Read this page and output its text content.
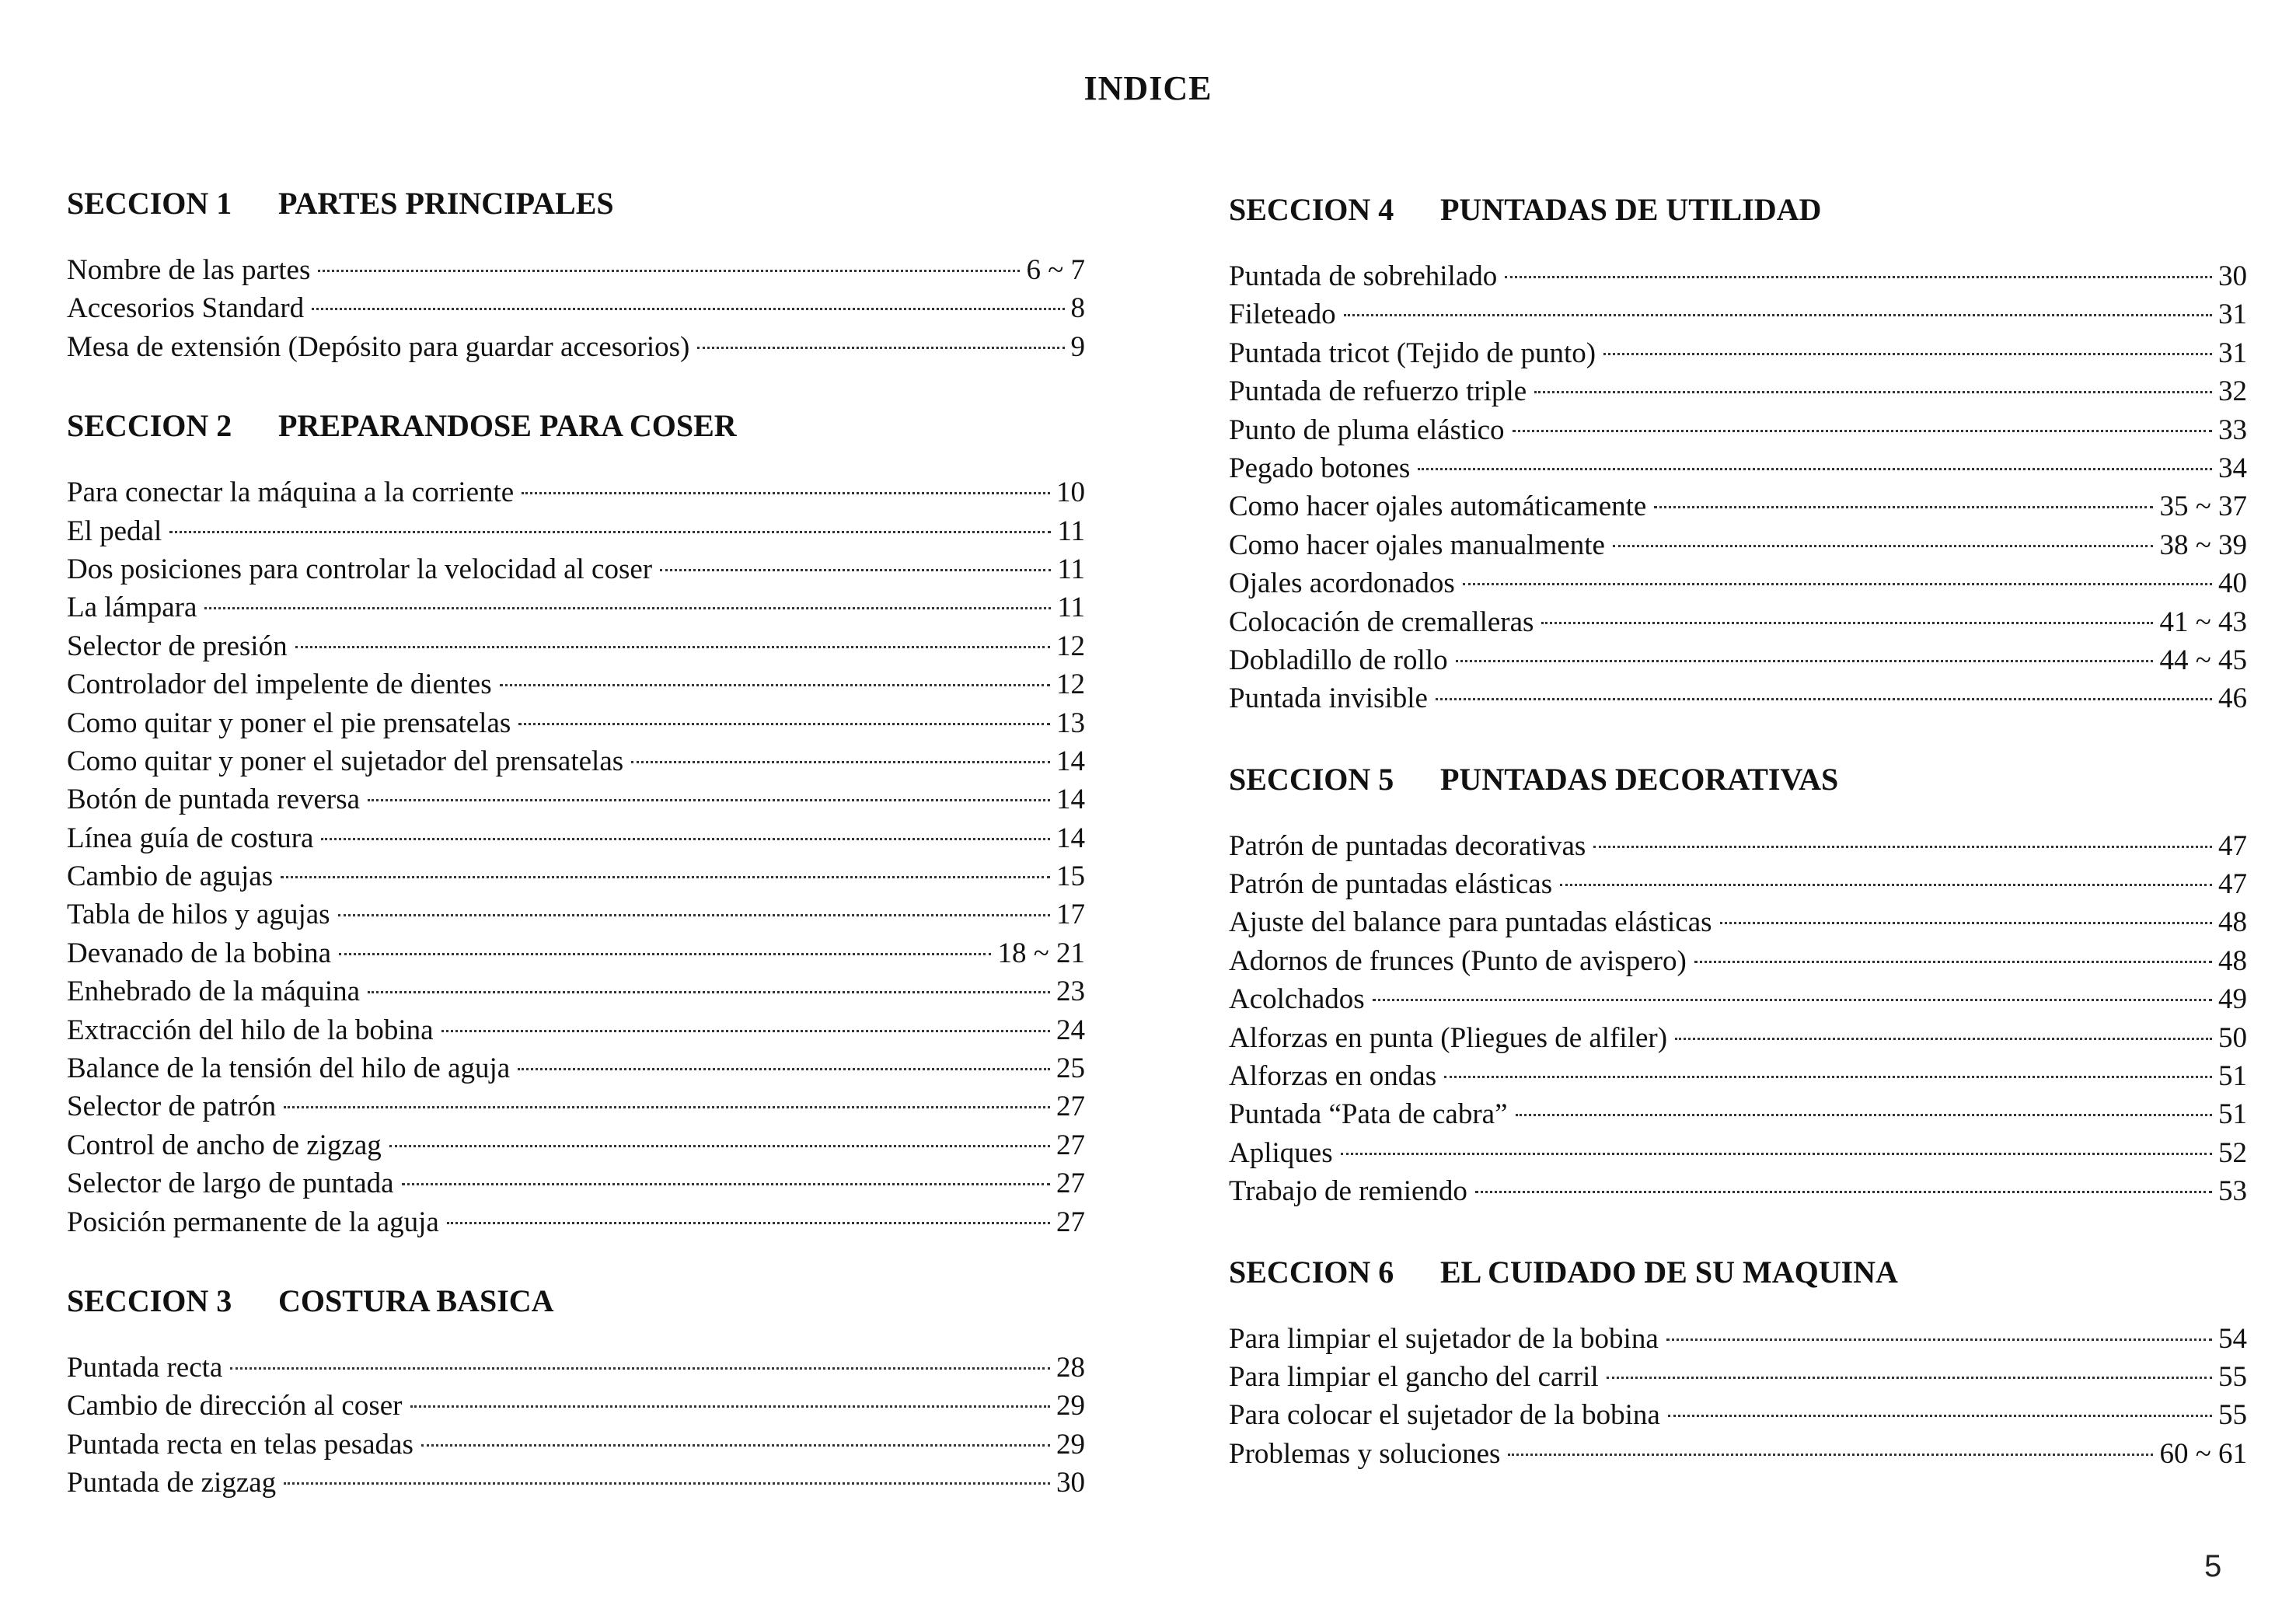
INDICE
SECCION 1 PARTES PRINCIPALES
Nombre de las partes	6 ~ 7
Accesorios Standard	8
Mesa de extensión (Depósito para guardar accesorios)	9
SECCION 2 PREPARANDOSE PARA COSER
Para conectar la máquina a la corriente	10
El pedal	11
Dos posiciones para controlar la velocidad al coser	11
La lámpara	11
Selector de presión	12
Controlador del impelente de dientes	12
Como quitar y poner el pie prensatelas	13
Como quitar y poner el sujetador del prensatelas	14
Botón de puntada reversa	14
Línea guía de costura	14
Cambio de agujas	15
Tabla de hilos y agujas	17
Devanado de la bobina	18 ~ 21
Enhebrado de la máquina	23
Extracción del hilo de la bobina	24
Balance de la tensión del hilo de aguja	25
Selector de patrón	27
Control de ancho de zigzag	27
Selector de largo de puntada	27
Posición permanente de la aguja	27
SECCION 3 COSTURA BASICA
Puntada recta	28
Cambio de dirección al coser	29
Puntada recta en telas pesadas	29
Puntada de zigzag	30
SECCION 4 PUNTADAS DE UTILIDAD
Puntada de sobrehilado	30
Fileteado	31
Puntada tricot (Tejido de punto)	31
Puntada de refuerzo triple	32
Punto de pluma elástico	33
Pegado botones	34
Como hacer ojales automáticamente	35 ~ 37
Como hacer ojales manualmente	38 ~ 39
Ojales acordonados	40
Colocación de cremalleras	41 ~ 43
Dobladillo de rollo	44 ~ 45
Puntada invisible	46
SECCION 5 PUNTADAS DECORATIVAS
Patrón de puntadas decorativas	47
Patrón de puntadas elásticas	47
Ajuste del balance para puntadas elásticas	48
Adornos de frunces (Punto de avispero)	48
Acolchados	49
Alforzas en punta (Pliegues de alfiler)	50
Alforzas en ondas	51
Puntada “Pata de cabra”	51
Apliques	52
Trabajo de remiendo	53
SECCION 6 EL CUIDADO DE SU MAQUINA
Para limpiar el sujetador de la bobina	54
Para limpiar el gancho del carril	55
Para colocar el sujetador de la bobina	55
Problemas y soluciones	60 ~ 61
5
